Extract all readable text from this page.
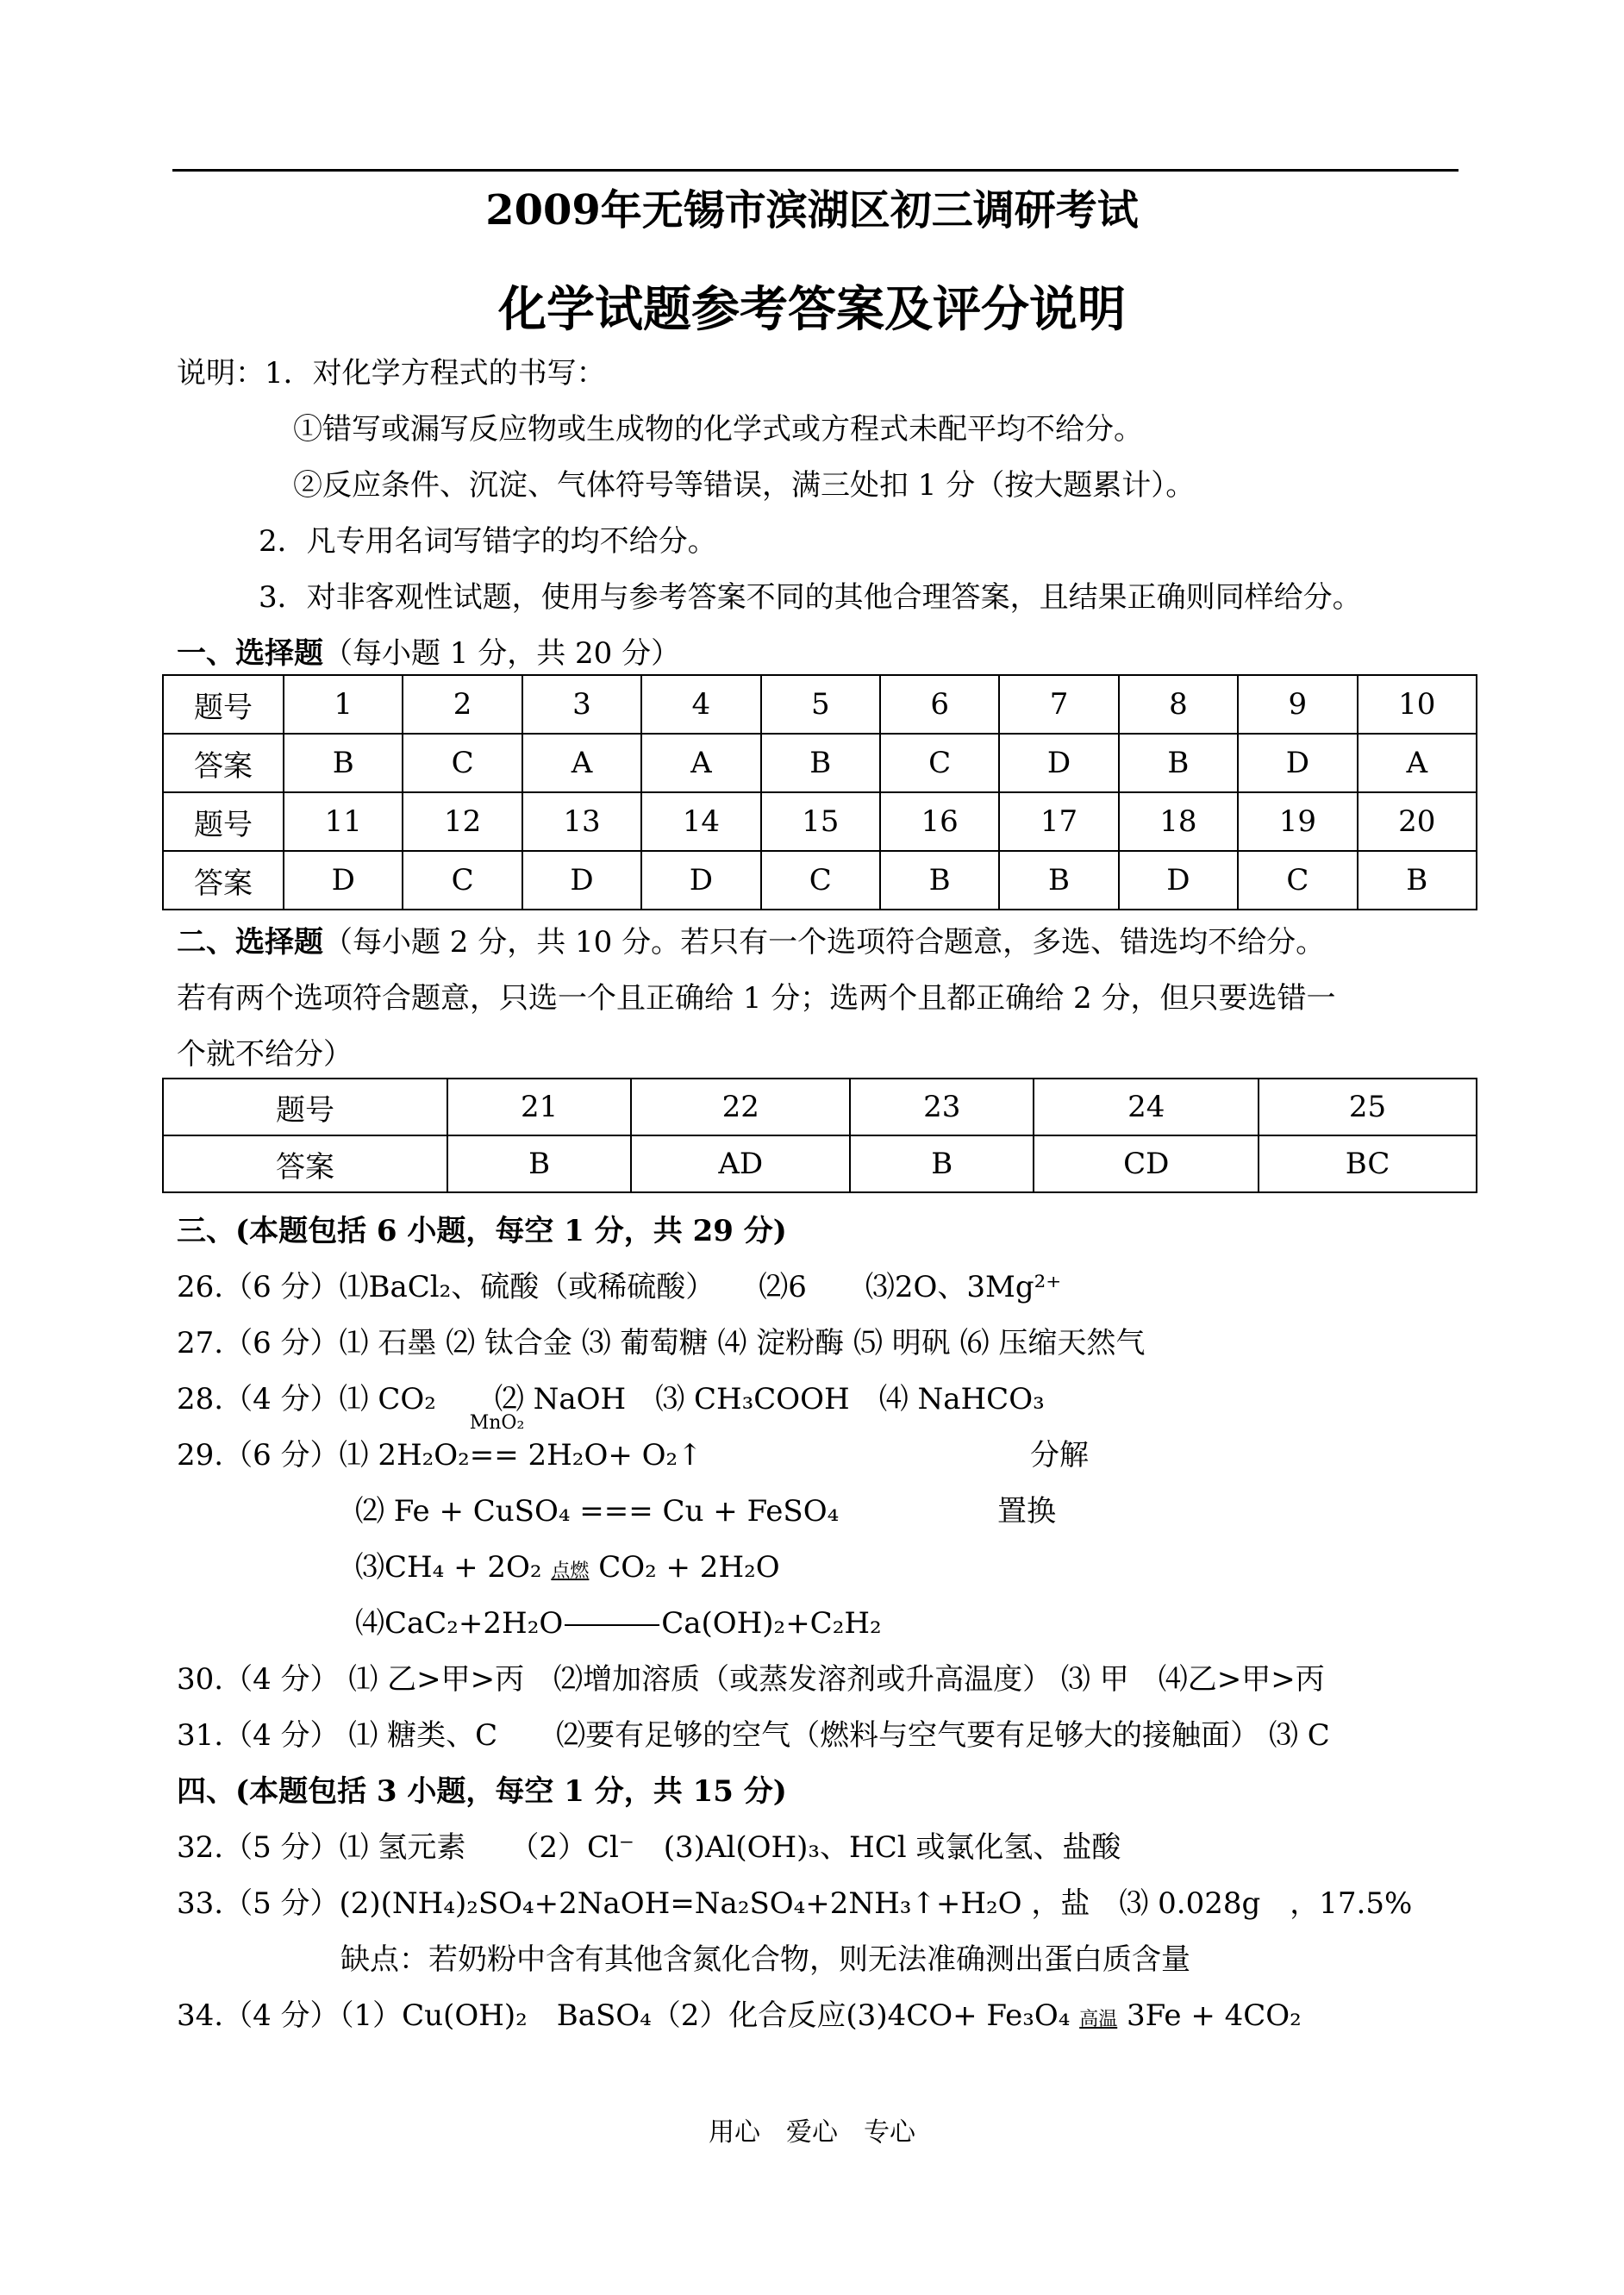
2009年无锡市滨湖区初三调研考试
化学试题参考答案及评分说明
说明：1．对化学方程式的书写：
①错写或漏写反应物或生成物的化学式或方程式未配平均不给分。
②反应条件、沉淀、气体符号等错误，满三处扣 1 分（按大题累计）。
2．凡专用名词写错字的均不给分。
3．对非客观性试题，使用与参考答案不同的其他合理答案，且结果正确则同样给分。
一、选择题（每小题 1 分，共 20 分）
题号	1	2	3	4	5	6	7	8	9	10
答案	B	C	A	A	B	C	D	B	D	A
题号	11	12	13	14	15	16	17	18	19	20
答案	D	C	D	D	C	B	B	D	C	B
二、选择题（每小题 2 分，共 10 分。若只有一个选项符合题意，多选、错选均不给分。
若有两个选项符合题意，只选一个且正确给 1 分；选两个且都正确给 2 分，但只要选错一
个就不给分）
题号	21	22	23	24	25
答案	B	AD	B	CD	BC
三、(本题包括 6 小题，每空 1 分，共 29 分)
26.（6 分）⑴BaCl₂、硫酸（或稀硫酸）　　⑵6　　⑶2O、3Mg²⁺
27.（6 分）⑴ 石墨 ⑵ 钛合金 ⑶ 葡萄糖 ⑷ 淀粉酶 ⑸ 明矾 ⑹ 压缩天然气
28.（4 分）⑴ CO₂　　⑵ NaOH　⑶ CH₃COOH　⑷ NaHCO₃
29.（6 分）⑴ 2H₂O₂
MnO₂
== 2H₂O+ O₂↑	分解
⑵ Fe + CuSO₄ === Cu + FeSO₄	置换
⑶CH₄ + 2O₂ 点燃 CO₂ + 2H₂O
⑷CaC₂+2H₂O	Ca(OH)₂+C₂H₂
30.（4 分） ⑴ 乙>甲>丙　⑵增加溶质（或蒸发溶剂或升高温度） ⑶ 甲　⑷乙>甲>丙
31.（4 分） ⑴ 糖类、C　　⑵要有足够的空气（燃料与空气要有足够大的接触面） ⑶ C
四、(本题包括 3 小题，每空 1 分，共 15 分)
32.（5 分）⑴ 氢元素　　（2）Cl⁻　(3)Al(OH)₃、HCl 或氯化氢、盐酸
33.（5 分）(2)(NH₄)₂SO₄+2NaOH=Na₂SO₄+2NH₃↑+H₂O ，盐　⑶ 0.028g　，17.5%
缺点：若奶粉中含有其他含氮化合物，则无法准确测出蛋白质含量
34.（4 分）（1）Cu(OH)₂　BaSO₄（2）化合反应(3)4CO+ Fe₃O₄ 高温 3Fe + 4CO₂
用心　爱心　专心
